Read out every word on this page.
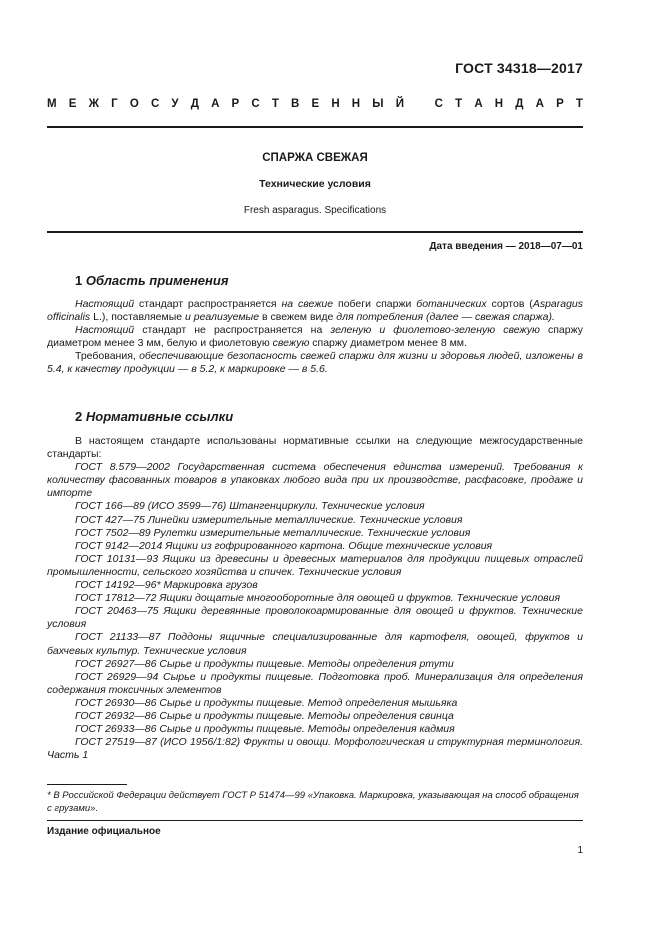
ГОСТ 34318—2017
М Е Ж Г О С У Д А Р С Т В Е Н Н Ы Й
	С Т А Н Д А Р Т
СПАРЖА СВЕЖАЯ
Технические условия
Fresh asparagus. Specifications
Дата введения — 2018—07—01
1 Область применения

Настоящий стандарт распространяется на свежие побеги спаржи ботанических сортов (Asparagus officinalis L.), поставляемые и реализуемые в свежем виде для потребления (далее — свежая спаржа).

Настоящий стандарт не распространяется на зеленую и фиолетово-зеленую свежую спаржу диаметром менее 3 мм, белую и фиолетовую свежую спаржу диаметром менее 8 мм.

Требования, обеспечивающие безопасность свежей спаржи для жизни и здоровья людей, изложены в 5.4, к качеству продукции — в 5.2, к маркировке — в 5.6.

2 Нормативные ссылки

В настоящем стандарте использованы нормативные ссылки на следующие межгосударственные стандарты:

ГОСТ 8.579—2002 Государственная система обеспечения единства измерений. Требования к количеству фасованных товаров в упаковках любого вида при их производстве, расфасовке, продаже и импорте

ГОСТ 166—89 (ИСО 3599—76) Штангенциркули. Технические условия

ГОСТ 427—75 Линейки измерительные металлические. Технические условия

ГОСТ 7502—89 Рулетки измерительные металлические. Технические условия

ГОСТ 9142—2014 Ящики из гофрированного картона. Общие технические условия

ГОСТ 10131—93 Ящики из древесины и древесных материалов для продукции пищевых отраслей промышленности, сельского хозяйства и спичек. Технические условия

ГОСТ 14192—96* Маркировка грузов

ГОСТ 17812—72 Ящики дощатые многооборотные для овощей и фруктов. Технические условия

ГОСТ 20463—75 Ящики деревянные проволокоармированные для овощей и фруктов. Технические условия

ГОСТ 21133—87 Поддоны ящичные специализированные для картофеля, овощей, фруктов и бахчевых культур. Технические условия

ГОСТ 26927—86 Сырье и продукты пищевые. Методы определения ртути

ГОСТ 26929—94 Сырье и продукты пищевые. Подготовка проб. Минерализация для определения содержания токсичных элементов

ГОСТ 26930—86 Сырье и продукты пищевые. Метод определения мышьяка

ГОСТ 26932—86 Сырье и продукты пищевые. Методы определения свинца

ГОСТ 26933—86 Сырье и продукты пищевые. Методы определения кадмия

ГОСТ 27519—87 (ИСО 1956/1:82) Фрукты и овощи. Морфологическая и структурная терминология. Часть 1

* В Российской Федерации действует ГОСТ Р 51474—99 «Упаковка. Маркировка, указывающая на способ обращения с грузами».
Издание официальное
1
